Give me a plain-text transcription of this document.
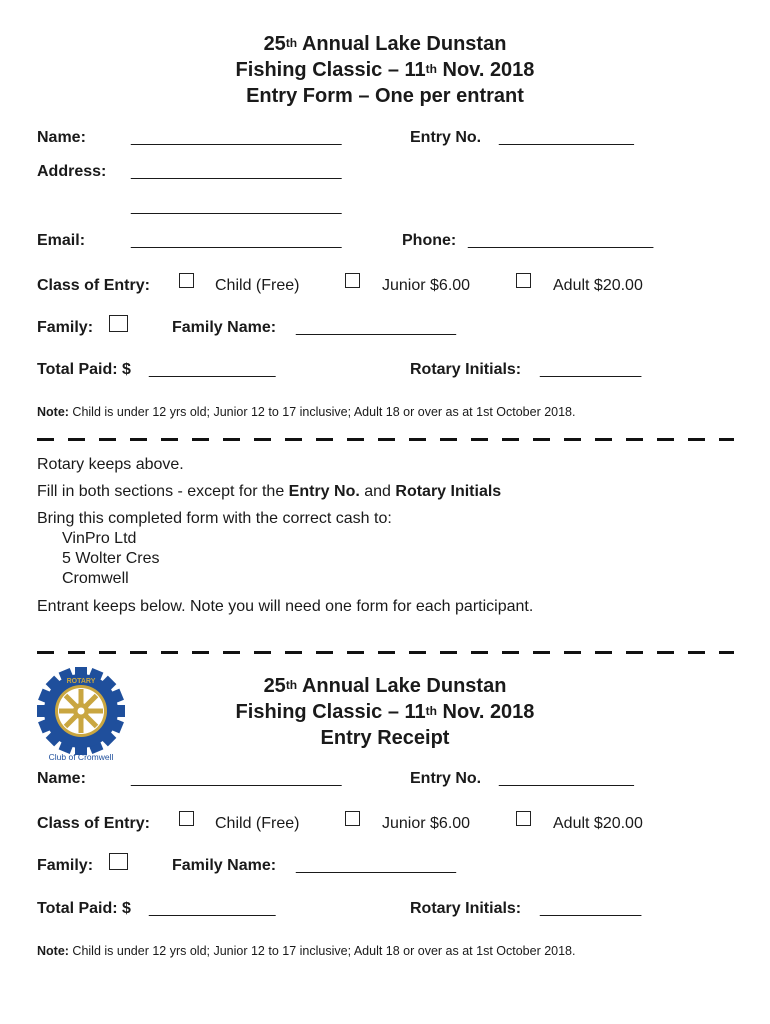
25th Annual Lake Dunstan
Fishing Classic – 11th Nov. 2018
Entry Form – One per entrant
Name:	_________________________	Entry No. ________________
Address: _________________________
_________________________
Email:	_________________________	Phone: ______________________
Class of Entry:	Child (Free)	Junior $6.00	Adult $20.00
Family:	Family Name: ___________________
Total Paid: $ _______________	Rotary Initials: ____________
Note: Child is under 12 yrs old; Junior 12 to 17 inclusive; Adult 18 or over as at 1st October 2018.
Rotary keeps above.
Fill in both sections - except for the Entry No. and Rotary Initials
Bring this completed form with the correct cash to:
VinPro Ltd
5 Wolter Cres
Cromwell
Entrant keeps below. Note you will need one form for each participant.
ROTARY
Club of Cromwell
25th Annual Lake Dunstan
Fishing Classic – 11th Nov. 2018
Entry Receipt
Name:	_________________________	Entry No. ________________
Class of Entry:	Child (Free)	Junior $6.00	Adult $20.00
Family:	Family Name: ___________________
Total Paid: $ _______________	Rotary Initials: ____________
Note: Child is under 12 yrs old; Junior 12 to 17 inclusive; Adult 18 or over as at 1st October 2018.
